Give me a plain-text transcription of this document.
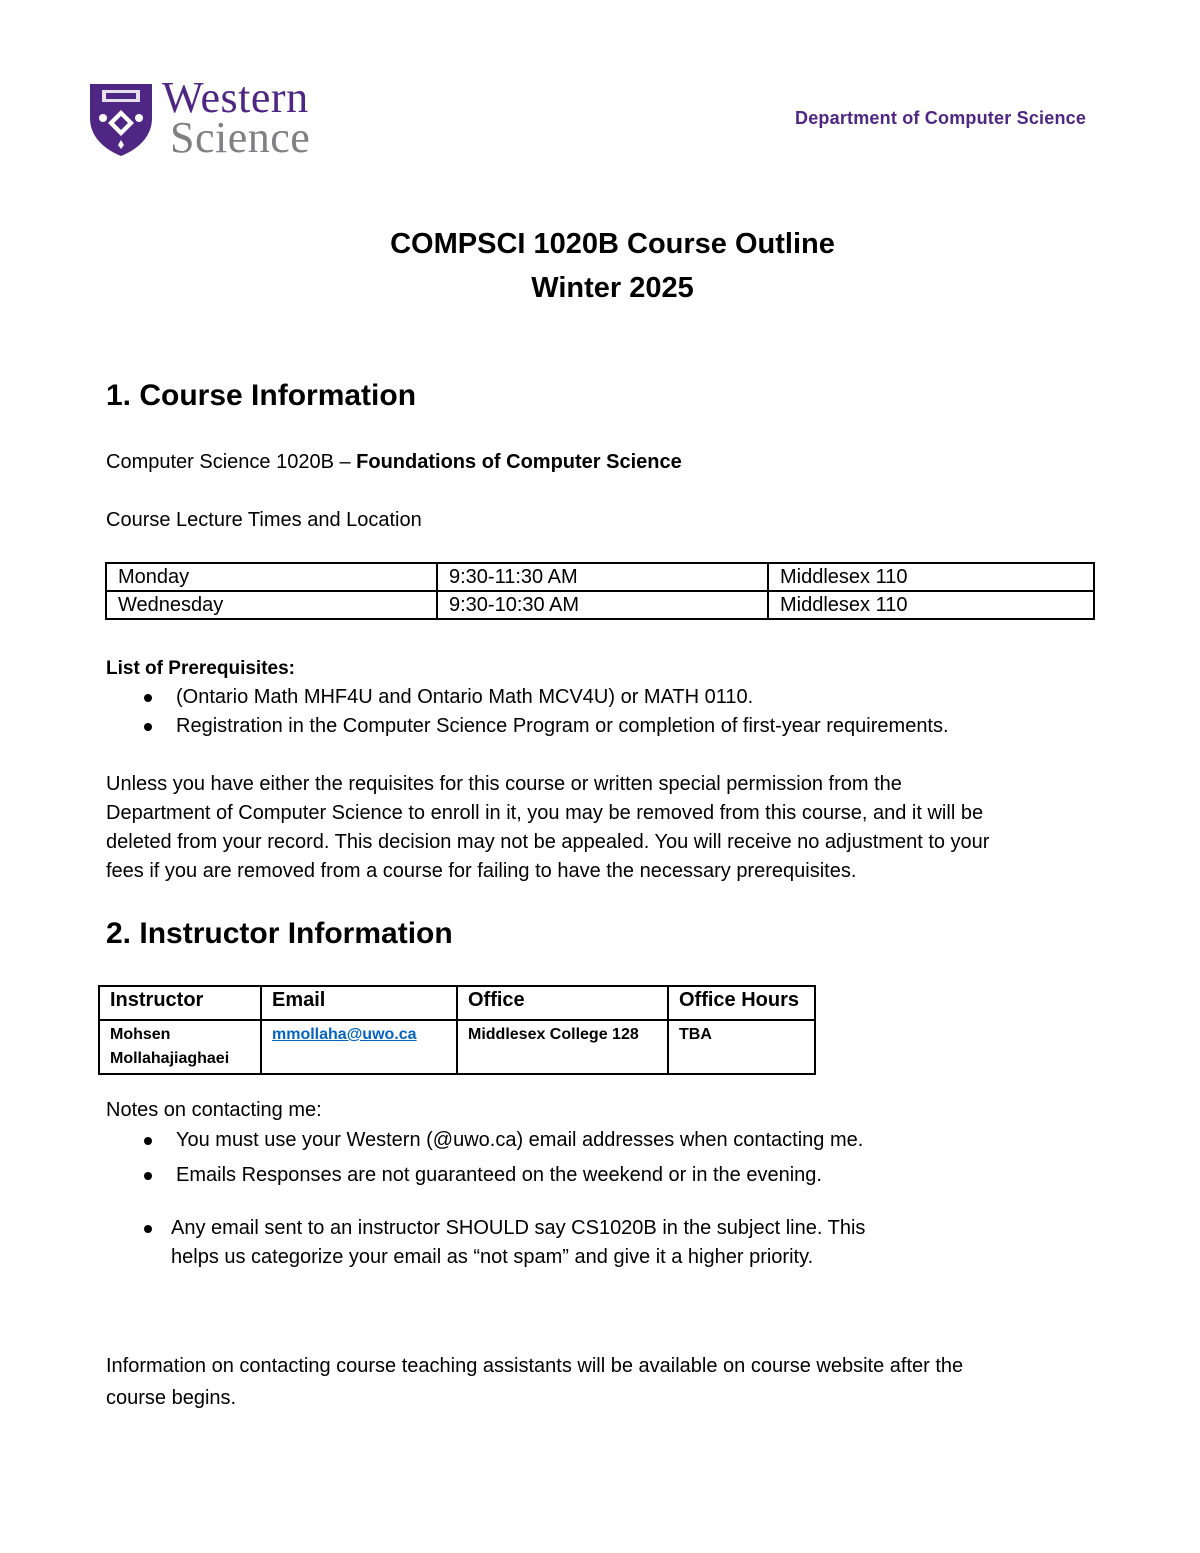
Western
Science	Department of Computer Science
COMPSCI 1020B Course Outline
Winter 2025
1. Course Information
Computer Science 1020B – Foundations of Computer Science
Course Lecture Times and Location
Monday	9:30-11:30 AM	Middlesex 110
Wednesday	9:30-10:30 AM	Middlesex 110
List of Prerequisites:
(Ontario Math MHF4U and Ontario Math MCV4U) or MATH 0110.
Registration in the Computer Science Program or completion of first-year requirements.
Unless you have either the requisites for this course or written special permission from the
Department of Computer Science to enroll in it, you may be removed from this course, and it will be
deleted from your record. This decision may not be appealed. You will receive no adjustment to your
fees if you are removed from a course for failing to have the necessary prerequisites.
2. Instructor Information
Instructor	Email	Office	Office Hours

Mohsen
Mollahajiaghaei	mmollaha@uwo.ca	Middlesex College 128	TBA
Notes on contacting me:
You must use your Western (@uwo.ca) email addresses when contacting me.
Emails Responses are not guaranteed on the weekend or in the evening.
Any email sent to an instructor SHOULD say CS1020B in the subject line. This
helps us categorize your email as “not spam” and give it a higher priority.
Information on contacting course teaching assistants will be available on course website after the
course begins.
